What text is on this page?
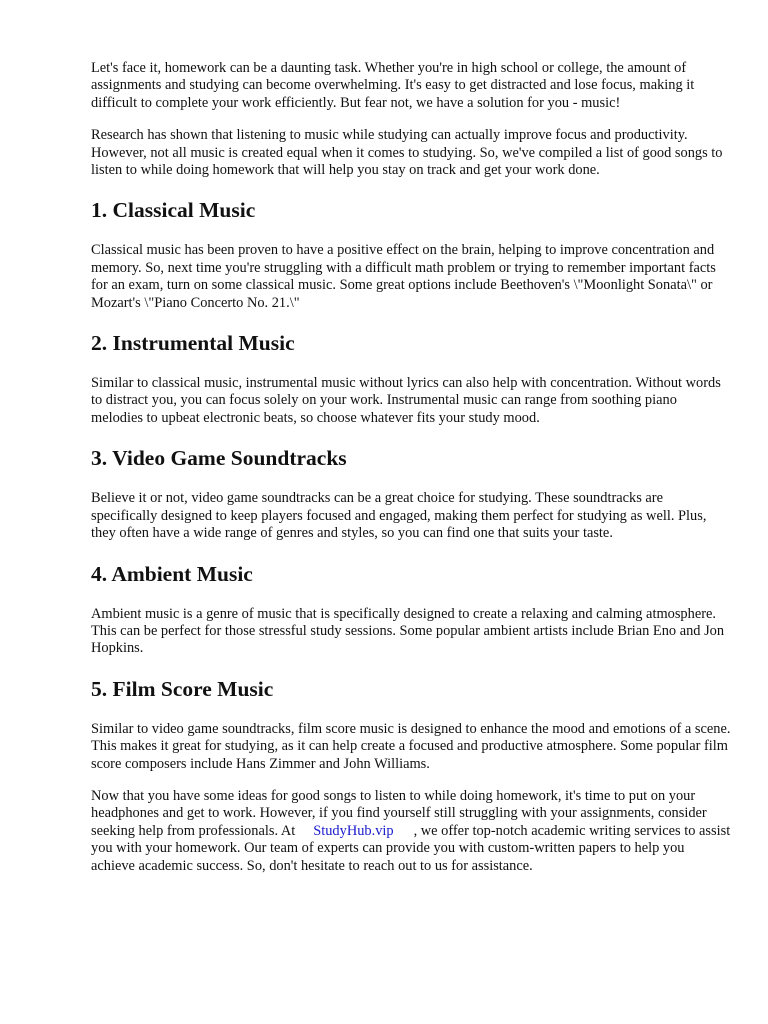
Let's face it, homework can be a daunting task. Whether you're in high school or college, the amount of assignments and studying can become overwhelming. It's easy to get distracted and lose focus, making it difficult to complete your work efficiently. But fear not, we have a solution for you - music!

Research has shown that listening to music while studying can actually improve focus and productivity. However, not all music is created equal when it comes to studying. So, we've compiled a list of good songs to listen to while doing homework that will help you stay on track and get your work done.

1. Classical Music

Classical music has been proven to have a positive effect on the brain, helping to improve concentration and memory. So, next time you're struggling with a difficult math problem or trying to remember important facts for an exam, turn on some classical music. Some great options include Beethoven's \"Moonlight Sonata\" or Mozart's \"Piano Concerto No. 21.\"

2. Instrumental Music

Similar to classical music, instrumental music without lyrics can also help with concentration. Without words to distract you, you can focus solely on your work. Instrumental music can range from soothing piano melodies to upbeat electronic beats, so choose whatever fits your study mood.

3. Video Game Soundtracks

Believe it or not, video game soundtracks can be a great choice for studying. These soundtracks are specifically designed to keep players focused and engaged, making them perfect for studying as well. Plus, they often have a wide range of genres and styles, so you can find one that suits your taste.

4. Ambient Music

Ambient music is a genre of music that is specifically designed to create a relaxing and calming atmosphere. This can be perfect for those stressful study sessions. Some popular ambient artists include Brian Eno and Jon Hopkins.

5. Film Score Music

Similar to video game soundtracks, film score music is designed to enhance the mood and emotions of a scene. This makes it great for studying, as it can help create a focused and productive atmosphere. Some popular film score composers include Hans Zimmer and John Williams.

Now that you have some ideas for good songs to listen to while doing homework, it's time to put on your headphones and get to work. However, if you find yourself still struggling with your assignments, consider seeking help from professionals. At StudyHub.vip , we offer top-notch academic writing services to assist you with your homework. Our team of experts can provide you with custom-written papers to help you achieve academic success. So, don't hesitate to reach out to us for assistance.
